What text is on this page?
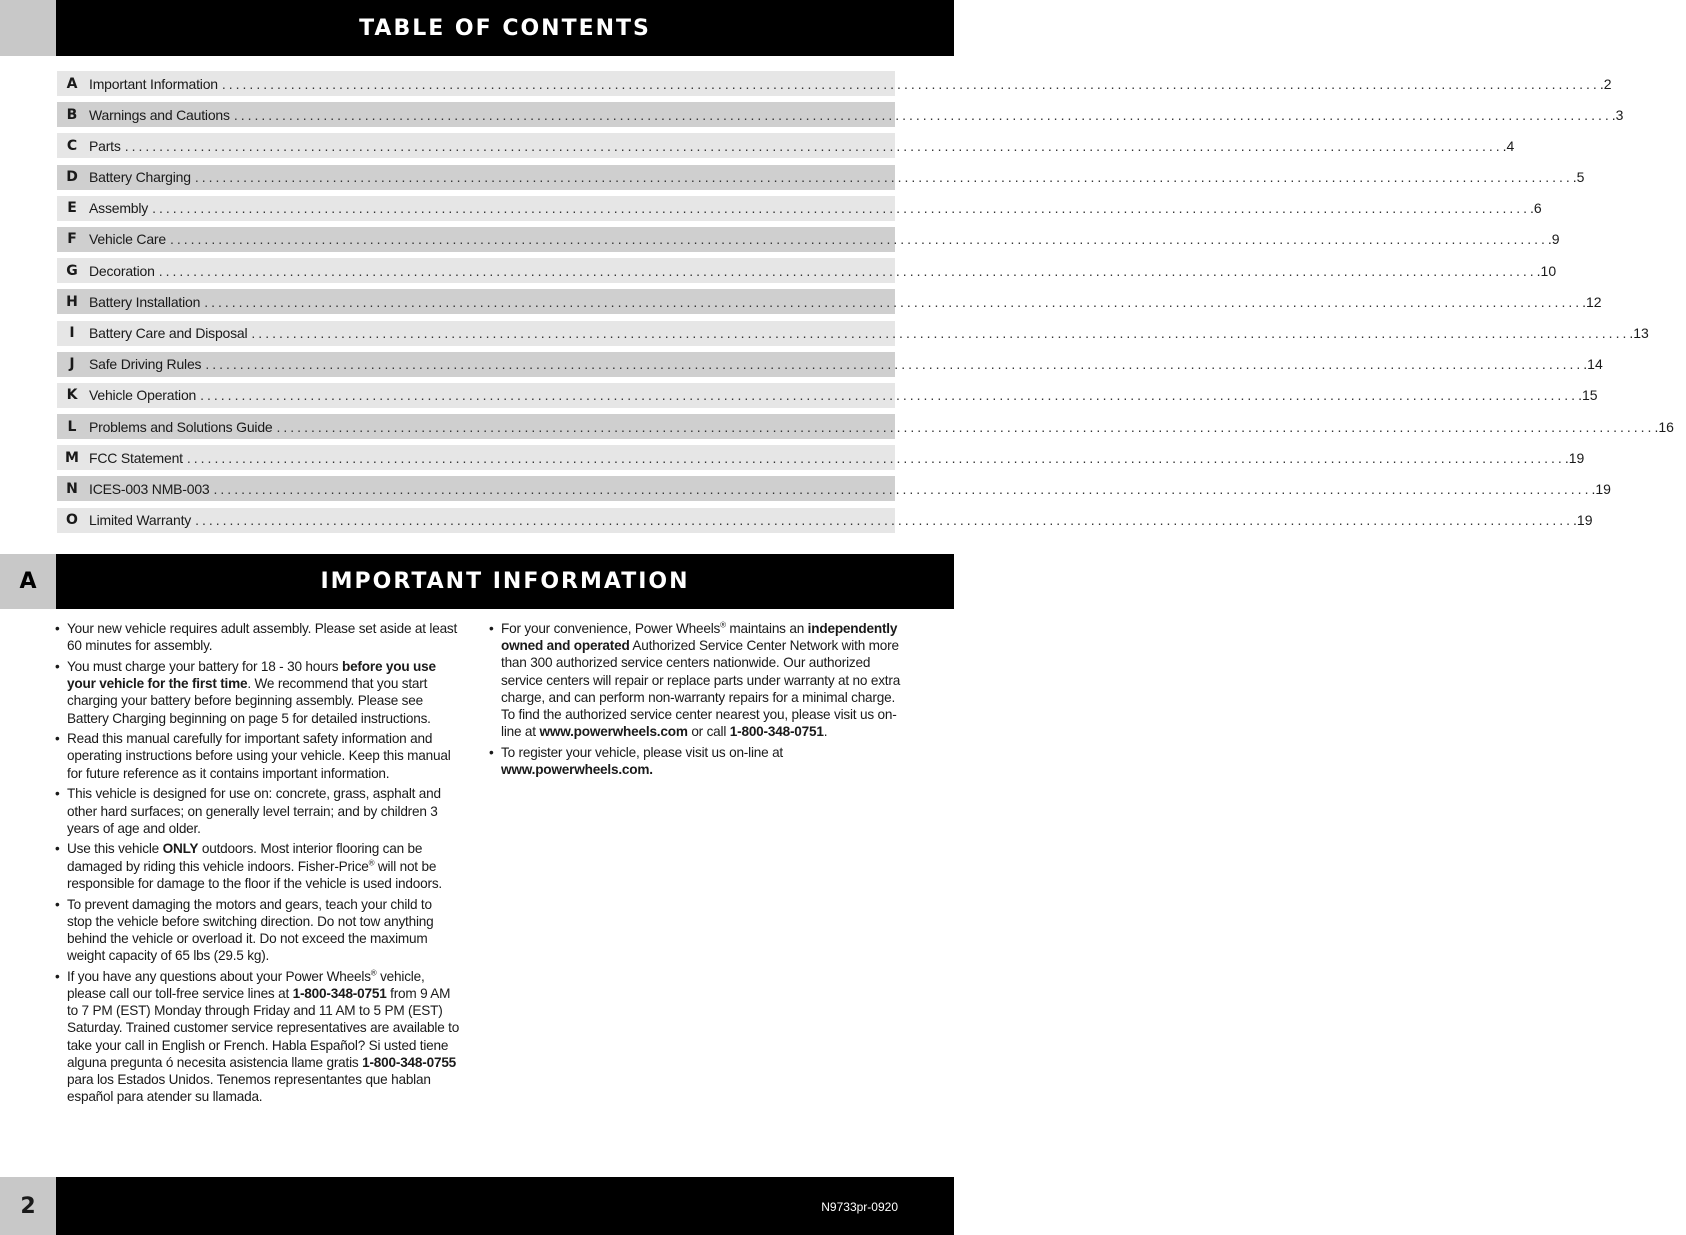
TABLE OF CONTENTS
A Important Information ........................................................................................................................................................................................................ .2
B Warnings and Cautions ........................................................................................................................................................................................................ .3
C Parts ........................................................................................................................................................................................................ .4
D Battery Charging ........................................................................................................................................................................................................ .5
E Assembly ........................................................................................................................................................................................................ .6
F Vehicle Care ........................................................................................................................................................................................................ .9
G Decoration ........................................................................................................................................................................................................ .10
H Battery Installation ........................................................................................................................................................................................................ .12
I	Battery Care and Disposal ........................................................................................................................................................................................................ .13
J	Safe Driving Rules ........................................................................................................................................................................................................ .14
K Vehicle Operation ........................................................................................................................................................................................................ .15
L Problems and Solutions Guide ........................................................................................................................................................................................................ .16
M FCC Statement ........................................................................................................................................................................................................ .19
N ICES-003 NMB-003 ........................................................................................................................................................................................................ .19
O Limited Warranty ........................................................................................................................................................................................................ .19
A	IMPORTANT INFORMATION
• Your new vehicle requires adult assembly. Please set aside at least 60 minutes for assembly.
• You must charge your battery for 18 - 30 hours before you use your vehicle for the first time. We recommend that you start charging your battery before beginning assembly. Please see Battery Charging beginning on page 5 for detailed instructions.
• Read this manual carefully for important safety information and operating instructions before using your vehicle. Keep this manual for future reference as it contains important information.
• This vehicle is designed for use on: concrete, grass, asphalt and other hard surfaces; on generally level terrain; and by children 3 years of age and older.
• Use this vehicle ONLY outdoors. Most interior flooring can be damaged by riding this vehicle indoors. Fisher-Price® will not be responsible for damage to the floor if the vehicle is used indoors.
• To prevent damaging the motors and gears, teach your child to stop the vehicle before switching direction. Do not tow anything behind the vehicle or overload it. Do not exceed the maximum weight capacity of 65 lbs (29.5 kg).
• If you have any questions about your Power Wheels® vehicle, please call our toll-free service lines at 1-800-348-0751 from 9 AM to 7 PM (EST) Monday through Friday and 11 AM to 5 PM (EST) Saturday. Trained customer service representatives are available to take your call in English or French. Habla Español? Si usted tiene alguna pregunta ó necesita asistencia llame gratis 1-800-348-0755 para los Estados Unidos. Tenemos representantes que hablan español para atender su llamada.
• For your convenience, Power Wheels® maintains an independently owned and operated Authorized Service Center Network with more than 300 authorized service centers nationwide. Our authorized service centers will repair or replace parts under warranty at no extra charge, and can perform non-warranty repairs for a minimal charge. To find the authorized service center nearest you, please visit us on-line at www.powerwheels.com or call 1-800-348-0751.
• To register your vehicle, please visit us on-line at www.powerwheels.com.
2	N9733pr-0920
